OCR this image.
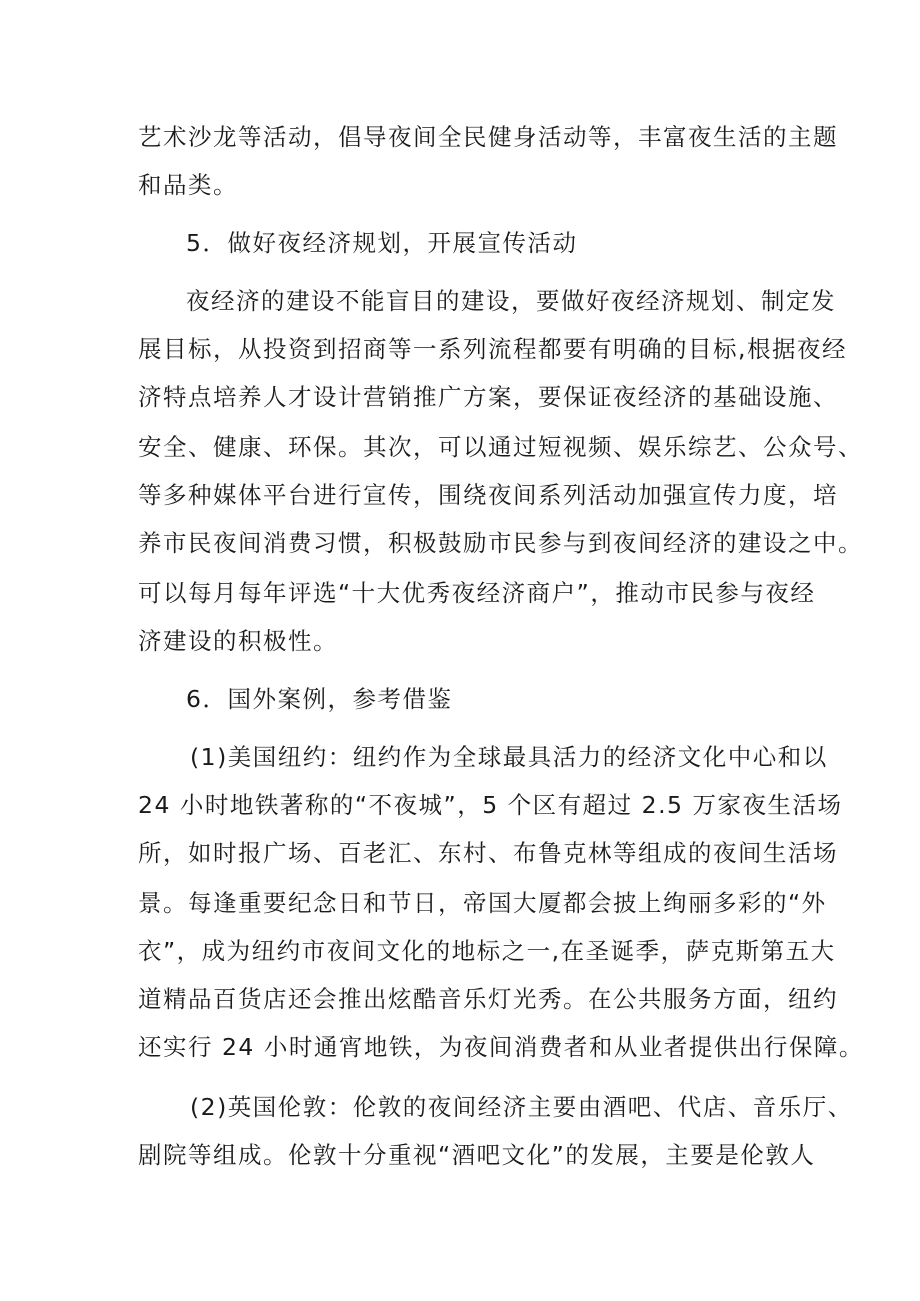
艺术沙龙等活动，倡导夜间全民健身活动等，丰富夜生活的主题

和品类。

5．做好夜经济规划，开展宣传活动

夜经济的建设不能盲目的建设，要做好夜经济规划、制定发

展目标，从投资到招商等一系列流程都要有明确的目标,根据夜经

济特点培养人才设计营销推广方案，要保证夜经济的基础设施、

安全、健康、环保。其次，可以通过短视频、娱乐综艺、公众号、

等多种媒体平台进行宣传，围绕夜间系列活动加强宣传力度，培

养市民夜间消费习惯，积极鼓励市民参与到夜间经济的建设之中。

可以每月每年评选“十大优秀夜经济商户”，推动市民参与夜经

济建设的积极性。

6．国外案例，参考借鉴

(1)美国纽约：纽约作为全球最具活力的经济文化中心和以

24 小时地铁著称的“不夜城”，5 个区有超过 2.5 万家夜生活场

所，如时报广场、百老汇、东村、布鲁克林等组成的夜间生活场

景。每逢重要纪念日和节日，帝国大厦都会披上绚丽多彩的“外

衣”，成为纽约市夜间文化的地标之一,在圣诞季，萨克斯第五大

道精品百货店还会推出炫酷音乐灯光秀。在公共服务方面，纽约

还实行 24 小时通宵地铁，为夜间消费者和从业者提供出行保障。

(2)英国伦敦：伦敦的夜间经济主要由酒吧、代店、音乐厅、

剧院等组成。伦敦十分重视“酒吧文化”的发展，主要是伦敦人
